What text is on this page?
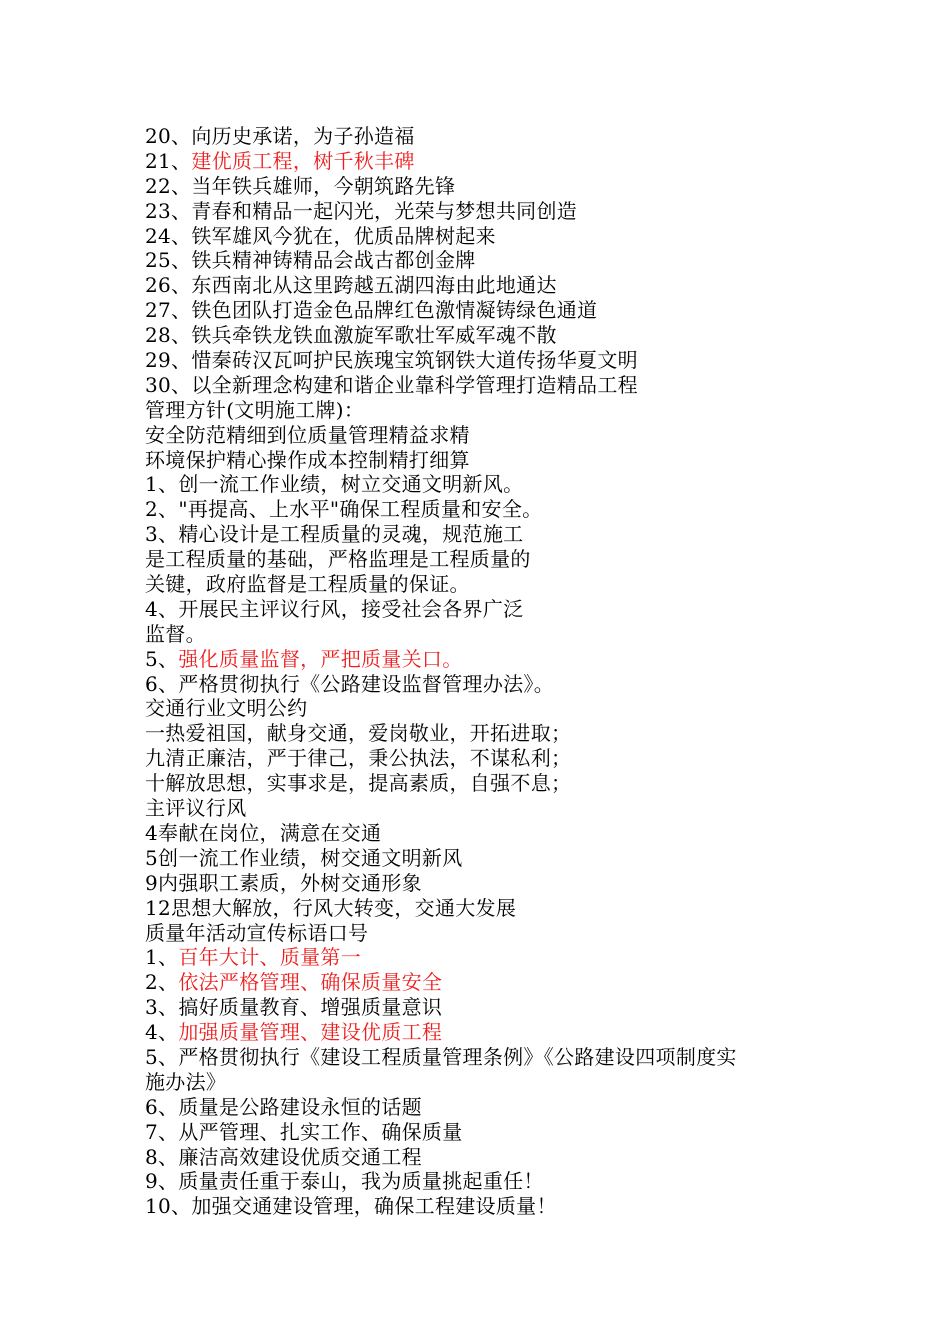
20、向历史承诺，为子孙造福
21、建优质工程，树千秋丰碑
22、当年铁兵雄师，今朝筑路先锋
23、青春和精品一起闪光，光荣与梦想共同创造
24、铁军雄风今犹在，优质品牌树起来
25、铁兵精神铸精品会战古都创金牌
26、东西南北从这里跨越五湖四海由此地通达
27、铁色团队打造金色品牌红色激情凝铸绿色通道
28、铁兵牵铁龙铁血激旋军歌壮军威军魂不散
29、惜秦砖汉瓦呵护民族瑰宝筑钢铁大道传扬华夏文明
30、以全新理念构建和谐企业靠科学管理打造精品工程
管理方针(文明施工牌)：
安全防范精细到位质量管理精益求精
环境保护精心操作成本控制精打细算
1、创一流工作业绩，树立交通文明新风。
2、"再提高、上水平"确保工程质量和安全。
3、精心设计是工程质量的灵魂，规范施工
是工程质量的基础，严格监理是工程质量的
关键，政府监督是工程质量的保证。
4、开展民主评议行风，接受社会各界广泛
监督。
5、强化质量监督，严把质量关口。
6、严格贯彻执行《公路建设监督管理办法》。
交通行业文明公约
一热爱祖国，献身交通，爱岗敬业，开拓进取；
九清正廉洁，严于律己，秉公执法，不谋私利；
十解放思想，实事求是，提高素质，自强不息；
主评议行风
4奉献在岗位，满意在交通
5创一流工作业绩，树交通文明新风
9内强职工素质，外树交通形象
12思想大解放，行风大转变，交通大发展
质量年活动宣传标语口号
1、百年大计、质量第一
2、依法严格管理、确保质量安全
3、搞好质量教育、增强质量意识
4、加强质量管理、建设优质工程
5、严格贯彻执行《建设工程质量管理条例》《公路建设四项制度实
施办法》
6、质量是公路建设永恒的话题
7、从严管理、扎实工作、确保质量
8、廉洁高效建设优质交通工程
9、质量责任重于泰山，我为质量挑起重任！
10、加强交通建设管理，确保工程建设质量！
